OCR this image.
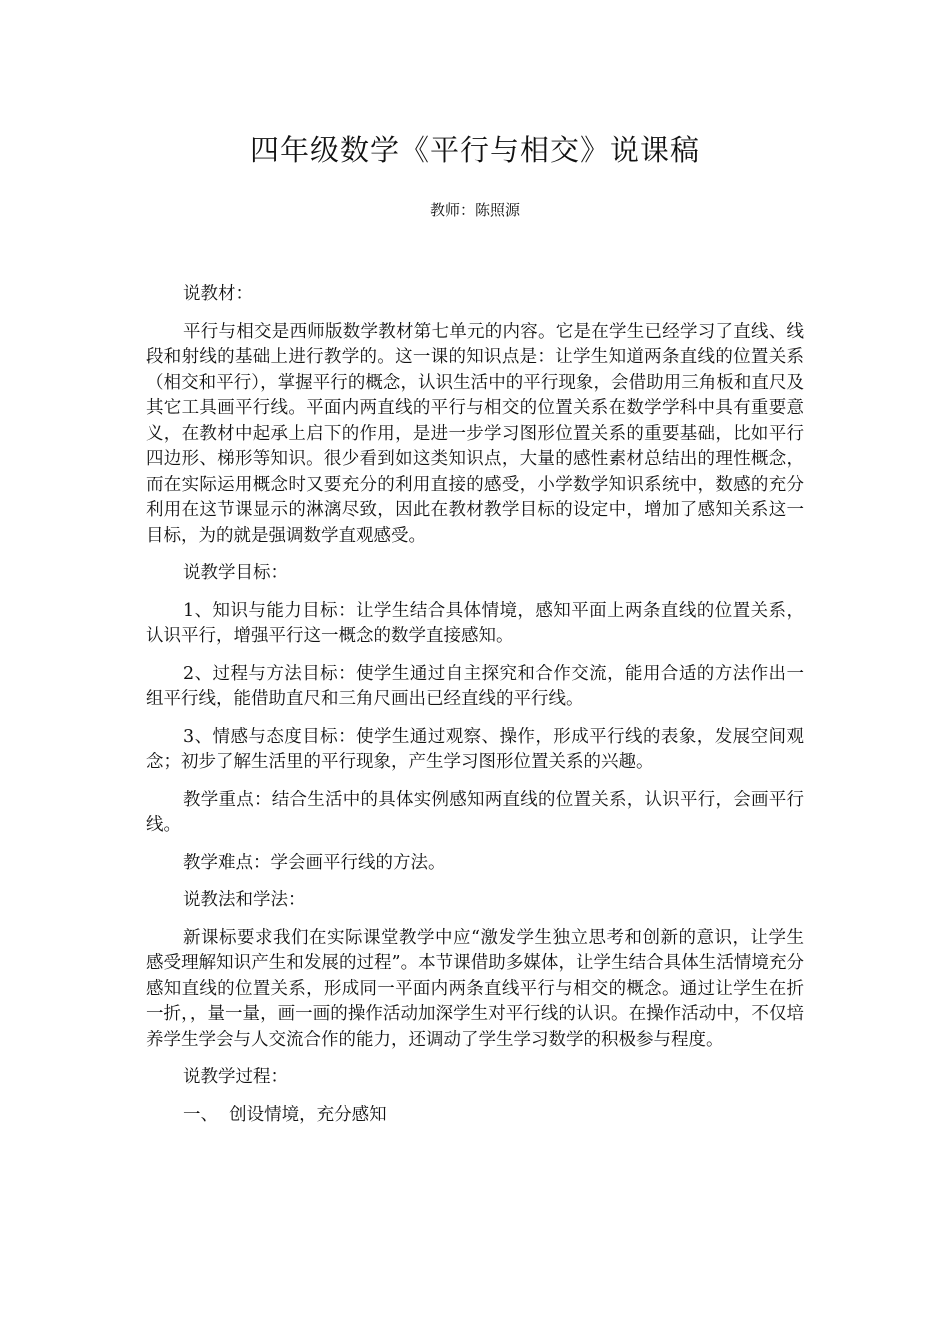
四年级数学《平行与相交》说课稿
教师：陈照源

说教材：

平行与相交是西师版数学教材第七单元的内容。它是在学生已经学习了直线、线段和射线的基础上进行教学的。这一课的知识点是：让学生知道两条直线的位置关系（相交和平行），掌握平行的概念，认识生活中的平行现象，会借助用三角板和直尺及其它工具画平行线。平面内两直线的平行与相交的位置关系在数学学科中具有重要意义，在教材中起承上启下的作用，是进一步学习图形位置关系的重要基础，比如平行四边形、梯形等知识。很少看到如这类知识点，大量的感性素材总结出的理性概念，而在实际运用概念时又要充分的利用直接的感受，小学数学知识系统中，数感的充分利用在这节课显示的淋漓尽致，因此在教材教学目标的设定中，增加了感知关系这一目标，为的就是强调数学直观感受。

说教学目标：

1、知识与能力目标：让学生结合具体情境，感知平面上两条直线的位置关系，认识平行，增强平行这一概念的数学直接感知。

2、过程与方法目标：使学生通过自主探究和合作交流，能用合适的方法作出一组平行线，能借助直尺和三角尺画出已经直线的平行线。

3、情感与态度目标：使学生通过观察、操作，形成平行线的表象，发展空间观念；初步了解生活里的平行现象，产生学习图形位置关系的兴趣。

教学重点：结合生活中的具体实例感知两直线的位置关系，认识平行，会画平行线。

教学难点：学会画平行线的方法。

说教法和学法：

新课标要求我们在实际课堂教学中应“激发学生独立思考和创新的意识，让学生感受理解知识产生和发展的过程”。本节课借助多媒体，让学生结合具体生活情境充分感知直线的位置关系，形成同一平面内两条直线平行与相交的概念。通过让学生在折一折，，量一量，画一画的操作活动加深学生对平行线的认识。在操作活动中，不仅培养学生学会与人交流合作的能力，还调动了学生学习数学的积极参与程度。

说教学过程：

一、  创设情境，充分感知
